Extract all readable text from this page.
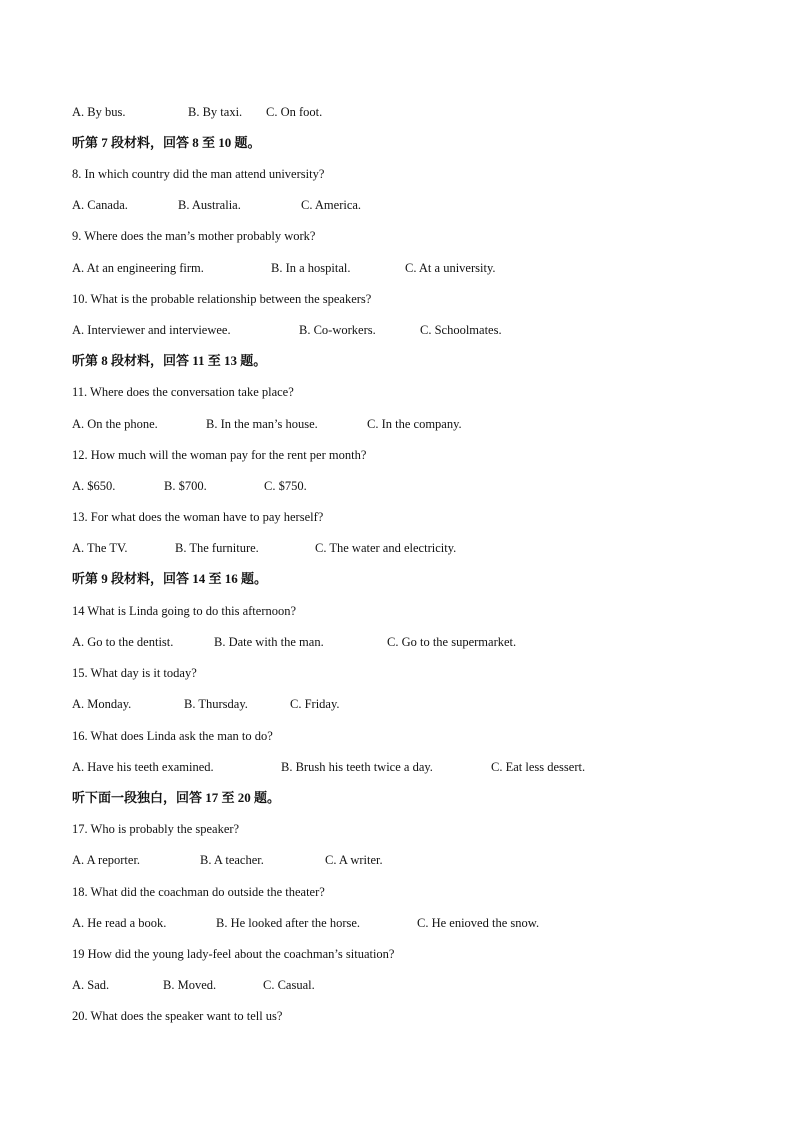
A. By bus.	B. By taxi. C. On foot.
听第 7 段材料，回答 8 至 10 题。
8. In which country did the man attend university?
A. Canada.	B. Australia.	C. America.
9. Where does the man’s mother probably work?
A. At an engineering firm.	B. In a hospital.	C. At a university.
10. What is the probable relationship between the speakers?
A. Interviewer and interviewee.	B. Co-workers.	C. Schoolmates.
听第 8 段材料，回答 11 至 13 题。
11. Where does the conversation take place?
A. On the phone.	B. In the man’s house.	C. In the company.
12. How much will the woman pay for the rent per month?
A. $650.	B. $700.	C. $750.
13. For what does the woman have to pay herself?
A. The TV.	B. The furniture.	C. The water and electricity.
听第 9 段材料，回答 14 至 16 题。
14 What is Linda going to do this afternoon?
A. Go to the dentist.	B. Date with the man.	C. Go to the supermarket.
15. What day is it today?
A. Monday.	B. Thursday.	C. Friday.
16. What does Linda ask the man to do?
A. Have his teeth examined.	B. Brush his teeth twice a day.	C. Eat less dessert.
听下面一段独白，回答 17 至 20 题。
17. Who is probably the speaker?
A. A reporter.	B. A teacher.	C. A writer.
18. What did the coachman do outside the theater?
A. He read a book.	B. He looked after the horse.	C. He enioved the snow.
19 How did the young lady-feel about the coachman’s situation?
A. Sad.	B. Moved.	C. Casual.
20. What does the speaker want to tell us?
